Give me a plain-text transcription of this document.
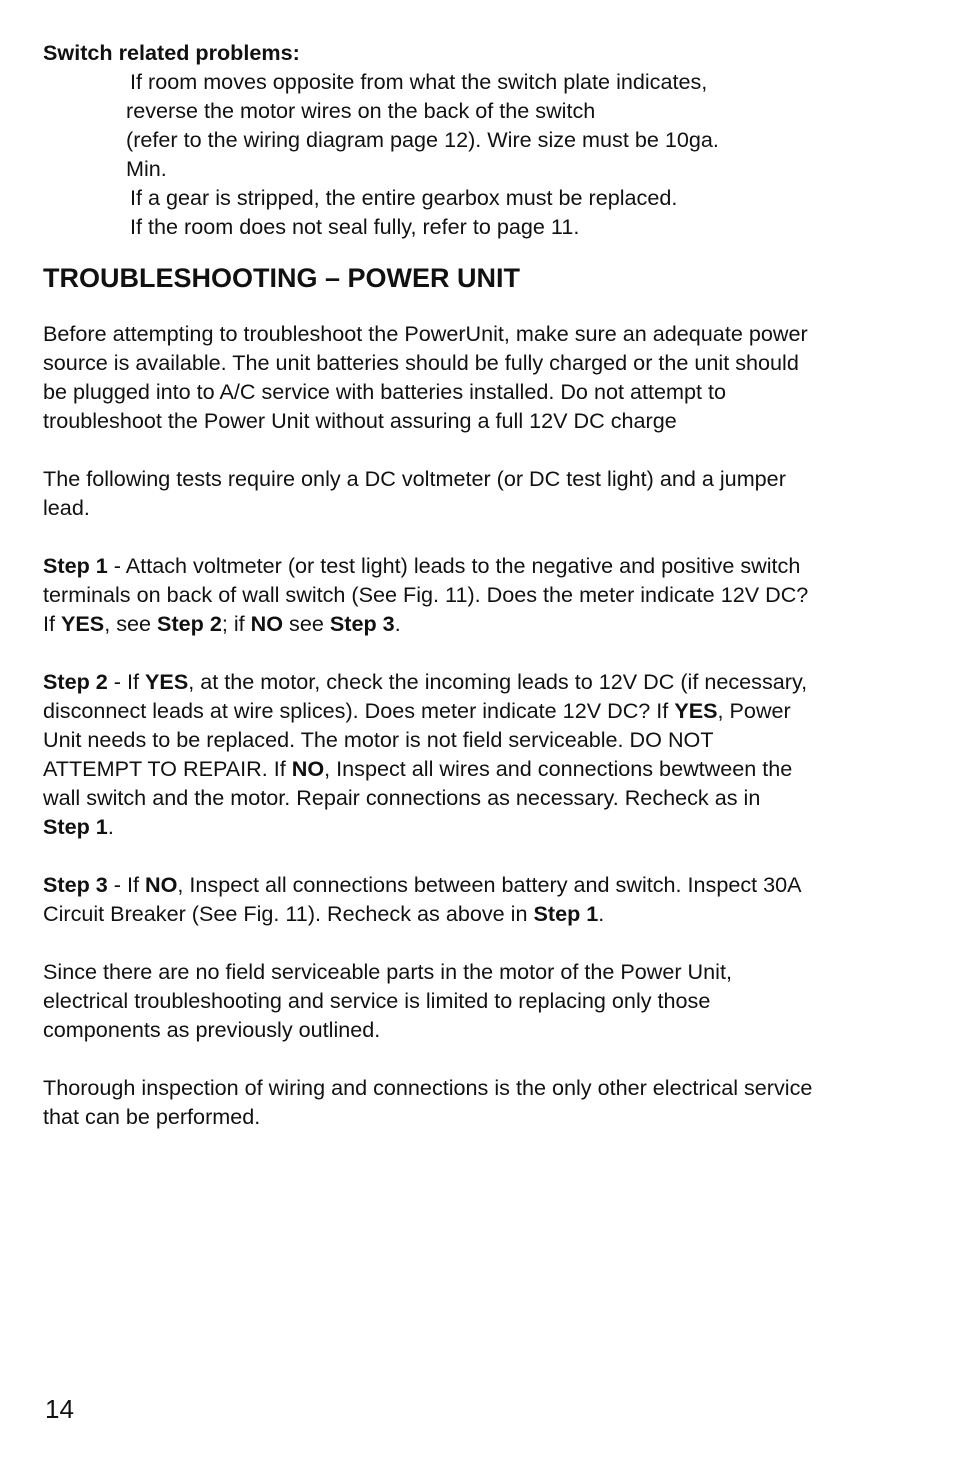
Switch related problems:
If room moves opposite from what the switch plate indicates,
reverse the motor wires on the back of the switch
(refer to the wiring diagram page 12). Wire size must be 10ga.
Min.
If a gear is stripped, the entire gearbox must be replaced.
If the room does not seal fully, refer to page 11.
TROUBLESHOOTING – POWER UNIT

Before attempting to troubleshoot the PowerUnit, make sure an adequate power
source is available. The unit batteries should be fully charged or the unit should
be plugged into to A/C service with batteries installed. Do not attempt to
troubleshoot the Power Unit without assuring a full 12V DC charge

The following tests require only a DC voltmeter (or DC test light) and a jumper
lead.

Step 1 - Attach voltmeter (or test light) leads to the negative and positive switch
terminals on back of wall switch (See Fig. 11). Does the meter indicate 12V DC?
If YES, see Step 2; if NO see Step 3.

Step 2 - If YES, at the motor, check the incoming leads to 12V DC (if necessary,
disconnect leads at wire splices). Does meter indicate 12V DC? If YES, Power
Unit needs to be replaced. The motor is not field serviceable. DO NOT
ATTEMPT TO REPAIR. If NO, Inspect all wires and connections bewtween the
wall switch and the motor. Repair connections as necessary. Recheck as in
Step 1.

Step 3 - If NO, Inspect all connections between battery and switch. Inspect 30A
Circuit Breaker (See Fig. 11). Recheck as above in Step 1.

Since there are no field serviceable parts in the motor of the Power Unit,
electrical troubleshooting and service is limited to replacing only those
components as previously outlined.

Thorough inspection of wiring and connections is the only other electrical service
that can be performed.

14
